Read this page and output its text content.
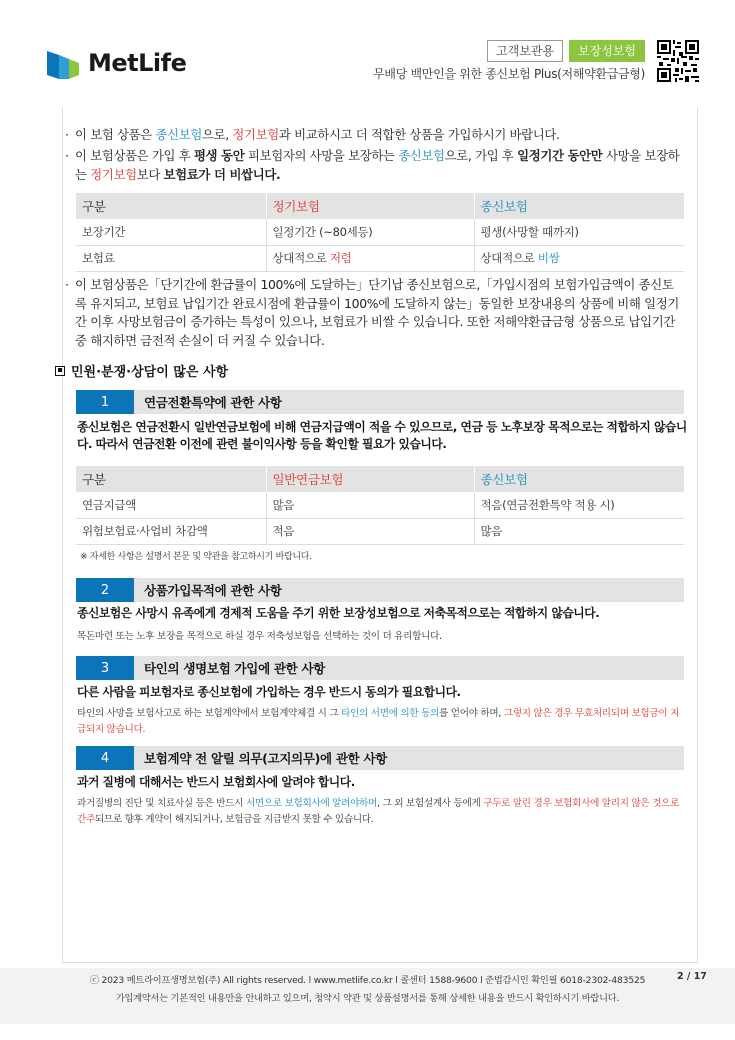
MetLife	고객보관용	보장성보험
무배당 백만인을 위한 종신보험 Plus(저해약환급금형)
· 이 보험 상품은 종신보험으로, 정기보험과 비교하시고 더 적합한 상품을 가입하시기 바랍니다.
· 이 보험상품은 가입 후 평생 동안 피보험자의 사망을 보장하는 종신보험으로, 가입 후 일정기간 동안만 사망을 보장하는 정기보험보다 보험료가 더 비쌉니다.
구분	정기보험	종신보험
보장기간	일정기간 (~80세등)	평생(사망할 때까지)
보험료	상대적으로 저렴	상대적으로 비쌈
· 이 보험상품은「단기간에 환급률이 100%에 도달하는」단기납 종신보험으로,「가입시점의 보험가입금액이 종신토록 유지되고, 보험료 납입기간 완료시점에 환급률이 100%에 도달하지 않는」동일한 보장내용의 상품에 비해 일정기간 이후 사망보험금이 증가하는 특성이 있으나, 보험료가 비쌀 수 있습니다. 또한 저해약환급금형 상품으로 납입기간 중 해지하면 금전적 손실이 더 커질 수 있습니다.
민원·분쟁·상담이 많은 사항
1	연금전환특약에 관한 사항
종신보험은 연금전환시 일반연금보험에 비해 연금지급액이 적을 수 있으므로, 연금 등 노후보장 목적으로는 적합하지 않습니다. 따라서 연금전환 이전에 관련 불이익사항 등을 확인할 필요가 있습니다.
구분	일반연금보험	종신보험
연금지급액	많음	적음(연금전환특약 적용 시)
위험보험료·사업비 차감액	적음	많음
※ 자세한 사항은 설명서 본문 및 약관을 참고하시기 바랍니다.
2	상품가입목적에 관한 사항
종신보험은 사망시 유족에게 경제적 도움을 주기 위한 보장성보험으로 저축목적으로는 적합하지 않습니다.
목돈마련 또는 노후 보장을 목적으로 하실 경우 저축성보험을 선택하는 것이 더 유리합니다.
3	타인의 생명보험 가입에 관한 사항
다른 사람을 피보험자로 종신보험에 가입하는 경우 반드시 동의가 필요합니다.
타인의 사망을 보험사고로 하는 보험계약에서 보험계약체결 시 그 타인의 서면에 의한 동의를 얻어야 하며, 그렇지 않은 경우 무효처리되며 보험금이 지급되지 않습니다.
4	보험계약 전 알릴 의무(고지의무)에 관한 사항
과거 질병에 대해서는 반드시 보험회사에 알려야 합니다.
과거질병의 진단 및 치료사실 등은 반드시 서면으로 보험회사에 알려야하며, 그 외 보험설계사 등에게 구두로 알린 경우 보험회사에 알리지 않은 것으로 간주되므로 향후 계약이 해지되거나, 보험금을 지급받지 못할 수 있습니다.
ⓒ 2023 메트라이프생명보험(주) All rights reserved. l www.metlife.co.kr l 콜센터 1588-9600 l 준법감시인 확인필 6018-2302-483525	2 / 17
가입계약서는 기본적인 내용만을 안내하고 있으며, 청약시 약관 및 상품설명서를 통해 상세한 내용을 반드시 확인하시기 바랍니다.
